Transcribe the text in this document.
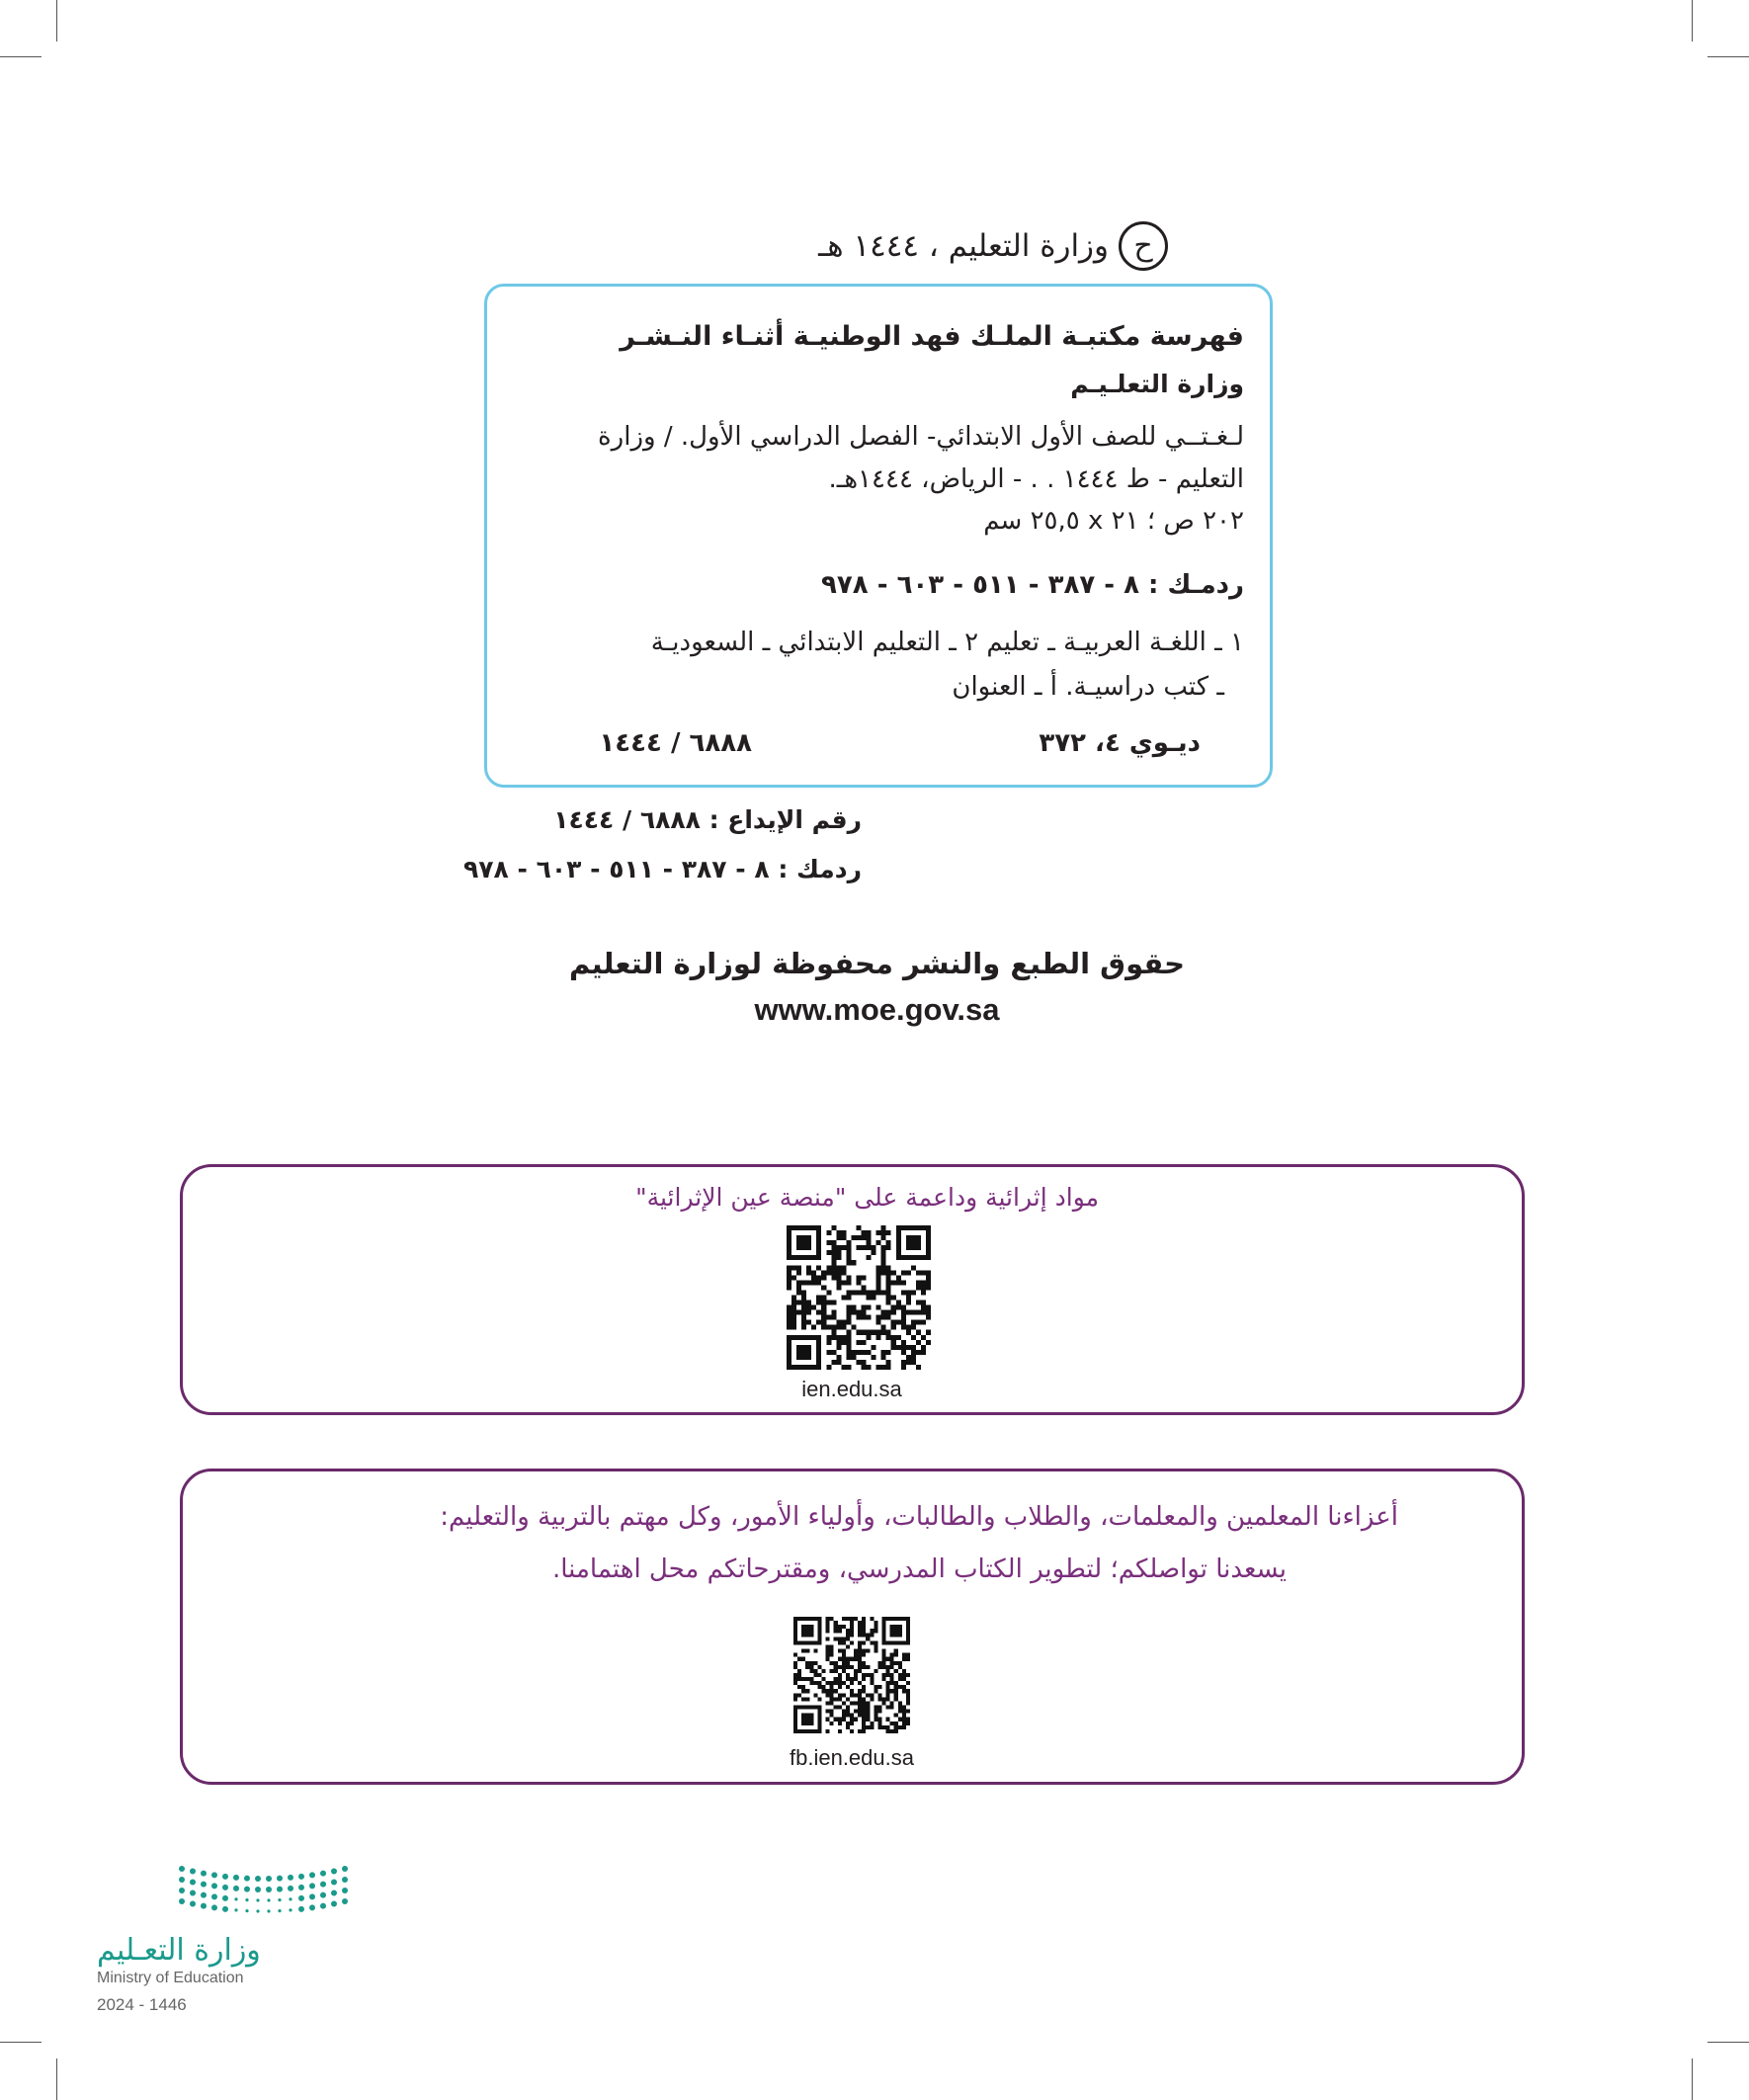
ح
وزارة التعليم ، ١٤٤٤ هـ
فهرسة مكتبـة الملـك فهد الوطنيـة أثنـاء النـشـر
وزارة التعلـيـم
لـغـتــي للصف الأول الابتدائي- الفصل الدراسي الأول. / وزارة
التعليم - ط ١٤٤٤ . . - الرياض، ١٤٤٤هـ.
٢٠٢ ص ؛ ٢١ x ٢٥,٥ سم
ردمـك : ٨ - ٣٨٧ - ٥١١ - ٦٠٣ - ٩٧٨
١ ـ اللغـة العربيـة ـ تعليم ٢ ـ التعليم الابتدائي ـ السعوديـة
ـ كتب دراسيـة. أ ـ العنوان
ديـوي ٤، ٣٧٢
٦٨٨٨ / ١٤٤٤
رقم الإيداع : ٦٨٨٨ / ١٤٤٤
ردمك : ٨ - ٣٨٧ - ٥١١ - ٦٠٣ - ٩٧٨
حقوق الطبع والنشر محفوظة لوزارة التعليم
www.moe.gov.sa
مواد إثرائية وداعمة على "منصة عين الإثرائية"
ien.edu.sa
أعزاءنا المعلمين والمعلمات، والطلاب والطالبات، وأولياء الأمور، وكل مهتم بالتربية والتعليم:
يسعدنا تواصلكم؛ لتطوير الكتاب المدرسي، ومقترحاتكم محل اهتمامنا.
fb.ien.edu.sa
وزارة التعـليم
Ministry of Education
2024 - 1446
